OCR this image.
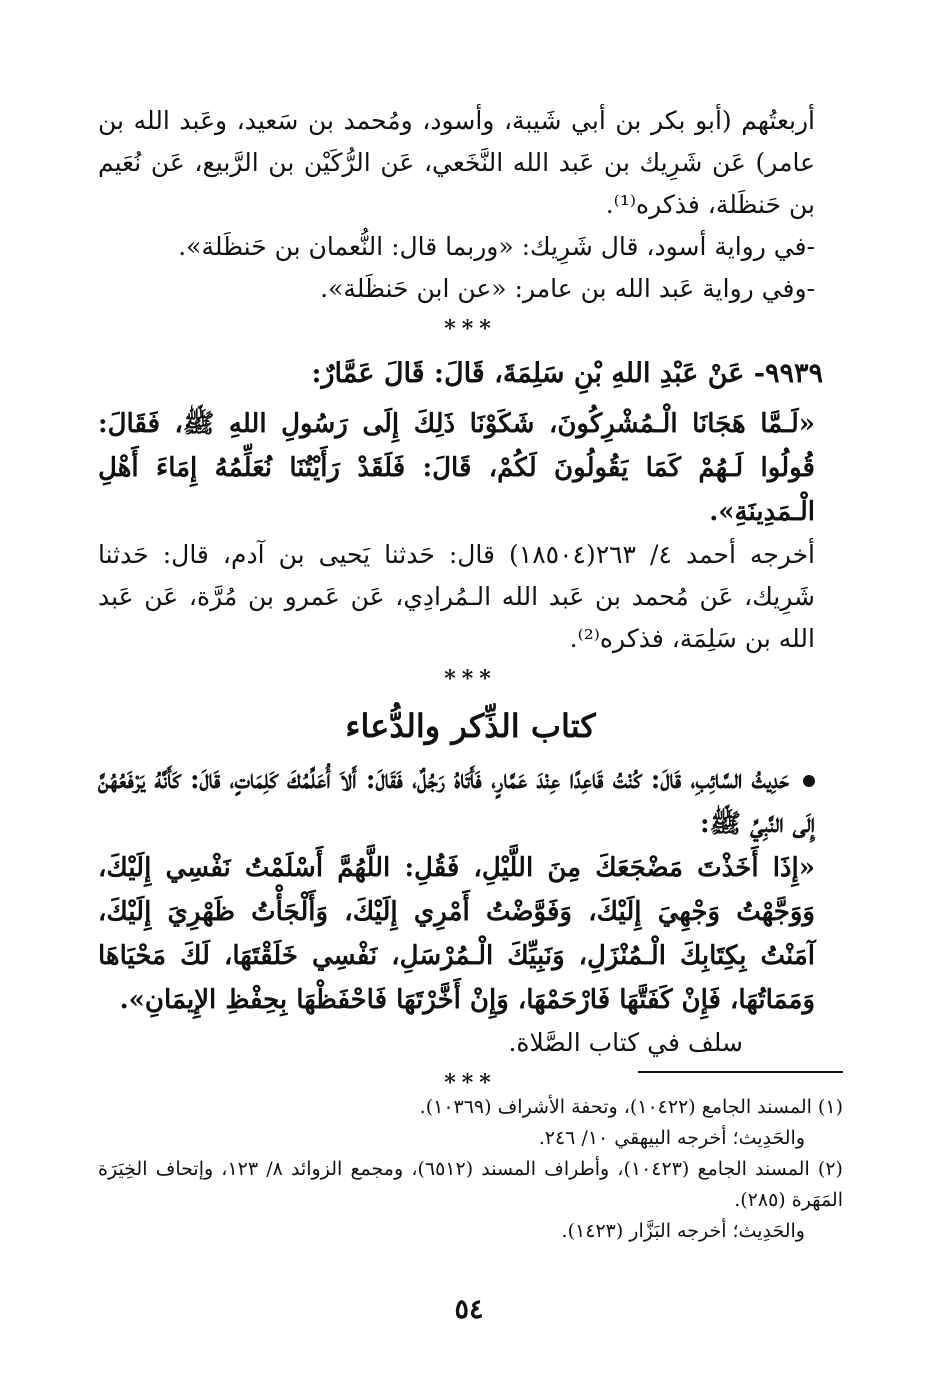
أربعتُهم (أبو بكر بن أبي شَيبة، وأسود، ومُحمد بن سَعيد، وعَبد الله بن عامر) عَن شَرِيك بن عَبد الله النَّخَعي، عَن الرُّكَيْن بن الرَّبيع، عَن نُعَيم بن حَنظَلة، فذكره⁽¹⁾.

-في رواية أسود، قال شَرِيك: «وربما قال: النُّعمان بن حَنظَلة».

-وفي رواية عَبد الله بن عامر: «عن ابن حَنظَلة».

***
٩٩٣٩- عَنْ عَبْدِ اللهِ بْنِ سَلِمَةَ، قَالَ: قَالَ عَمَّارٌ:

«لَـمَّا هَجَانَا الْـمُشْرِكُونَ، شَكَوْنَا ذَلِكَ إِلَى رَسُولِ اللهِ ﷺ، فَقَالَ: قُولُوا لَـهُمْ كَمَا يَقُولُونَ لَكُمْ، قَالَ: فَلَقَدْ رَأَيْتُنَا نُعَلِّمُهُ إِمَاءَ أَهْلِ الْـمَدِينَةِ».

أخرجه أحمد ٤/ ٢٦٣(١٨٥٠٤) قال: حَدثنا يَحيى بن آدم، قال: حَدثنا شَرِيك، عَن مُحمد بن عَبد الله الـمُرادِي، عَن عَمرو بن مُرَّة، عَن عَبد الله بن سَلِمَة، فذكره⁽²⁾.

***
كتاب الذِّكر والدُّعاء

حَدِيثُ السَّائِبِ، قَالَ: كُنْتُ قَاعِدًا عِنْدَ عَمَّارٍ، فَأَتَاهُ رَجُلٌ، فَقَالَ: أَلاَ أُعَلِّمُكَ كَلِمَاتٍ، قَالَ: كَأَنَّهُ يَرْفَعُهُنَّ إِلَى النَّبِيِّ ﷺ:

«إِذَا أَخَذْتَ مَضْجَعَكَ مِنَ اللَّيْلِ، فَقُلِ: اللَّهُمَّ أَسْلَمْتُ نَفْسِي إِلَيْكَ، وَوَجَّهْتُ وَجْهِيَ إِلَيْكَ، وَفَوَّضْتُ أَمْرِي إِلَيْكَ، وَأَلْجَأْتُ ظَهْرِيَ إِلَيْكَ، آمَنْتُ بِكِتَابِكَ الْـمُنْزَلِ، وَنَبِيِّكَ الْـمُرْسَلِ، نَفْسِي خَلَقْتَهَا، لَكَ مَحْيَاهَا وَمَمَاتُهَا، فَإِنْ كَفَتَّهَا فَارْحَمْهَا، وَإِنْ أَخَّرْتَهَا فَاحْفَظْهَا بِحِفْظِ الإِيمَانِ».

سلف في كتاب الصَّلاة.

***

(١) المسند الجامع (١٠٤٢٢)، وتحفة الأشراف (١٠٣٦٩).

والحَدِيث؛ أخرجه البيهقي ١٠/ ٢٤٦.

(٢) المسند الجامع (١٠٤٢٣)، وأطراف المسند (٦٥١٢)، ومجمع الزوائد ٨/ ١٢٣، وإتحاف الخِيَرَة المَهَرة (٢٨٥).

والحَدِيث؛ أخرجه البَزَّار (١٤٢٣).

٥٤
